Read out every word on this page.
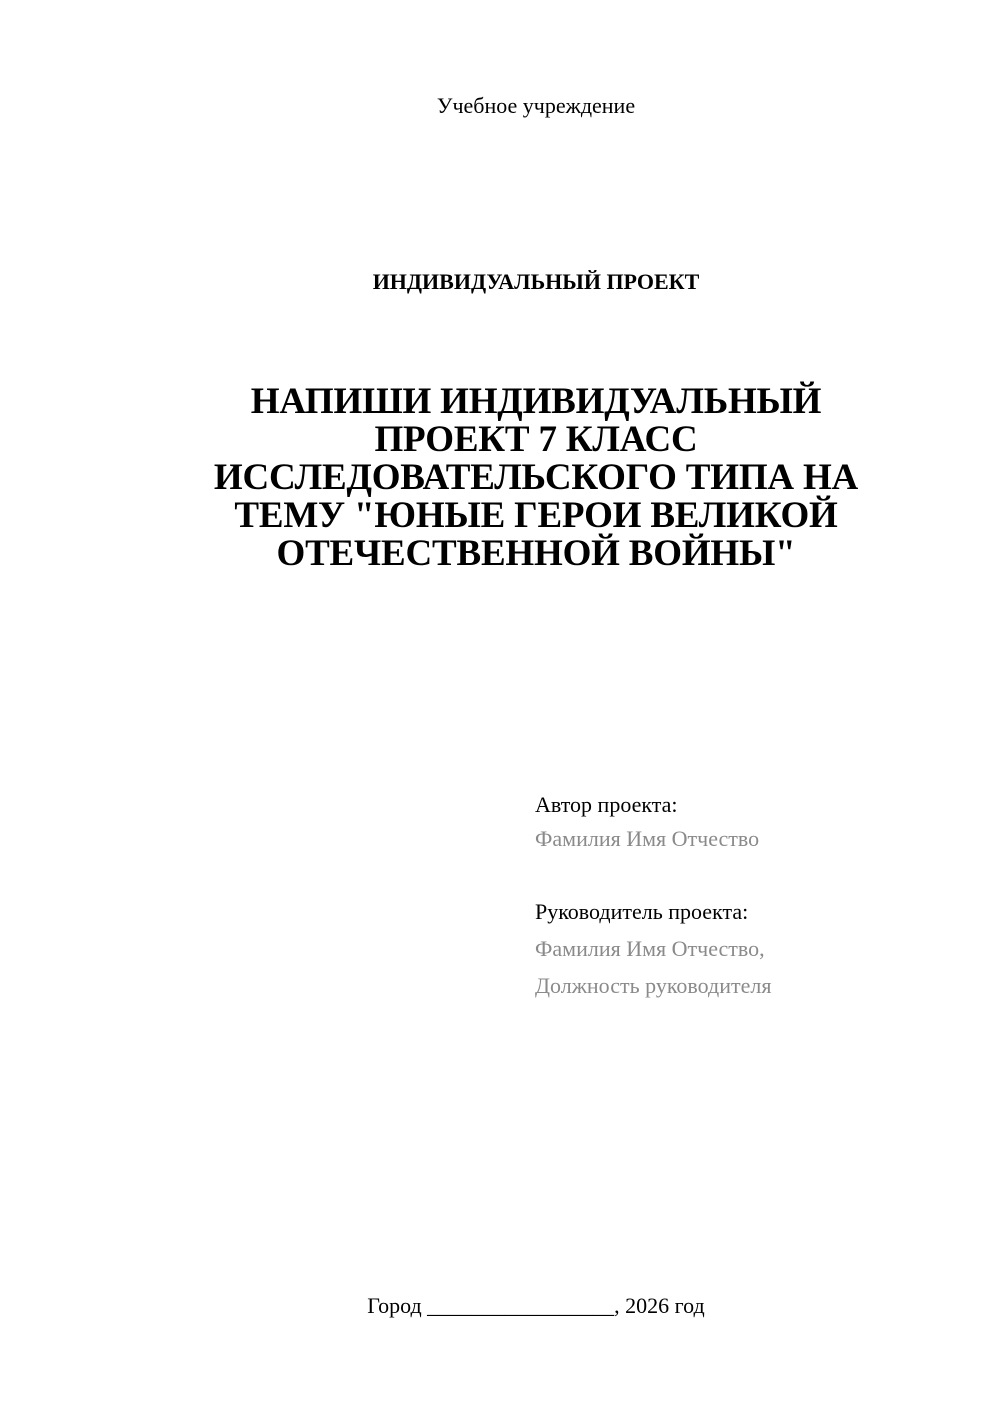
Учебное учреждение
ИНДИВИДУАЛЬНЫЙ ПРОЕКТ
НАПИШИ ИНДИВИДУАЛЬНЫЙ
ПРОЕКТ 7 КЛАСС
ИССЛЕДОВАТЕЛЬСКОГО ТИПА НА
ТЕМУ "ЮНЫЕ ГЕРОИ ВЕЛИКОЙ
ОТЕЧЕСТВЕННОЙ ВОЙНЫ"
Автор проекта:
Фамилия Имя Отчество
Руководитель проекта:
Фамилия Имя Отчество,
Должность руководителя
Город _________________, 2026 год
